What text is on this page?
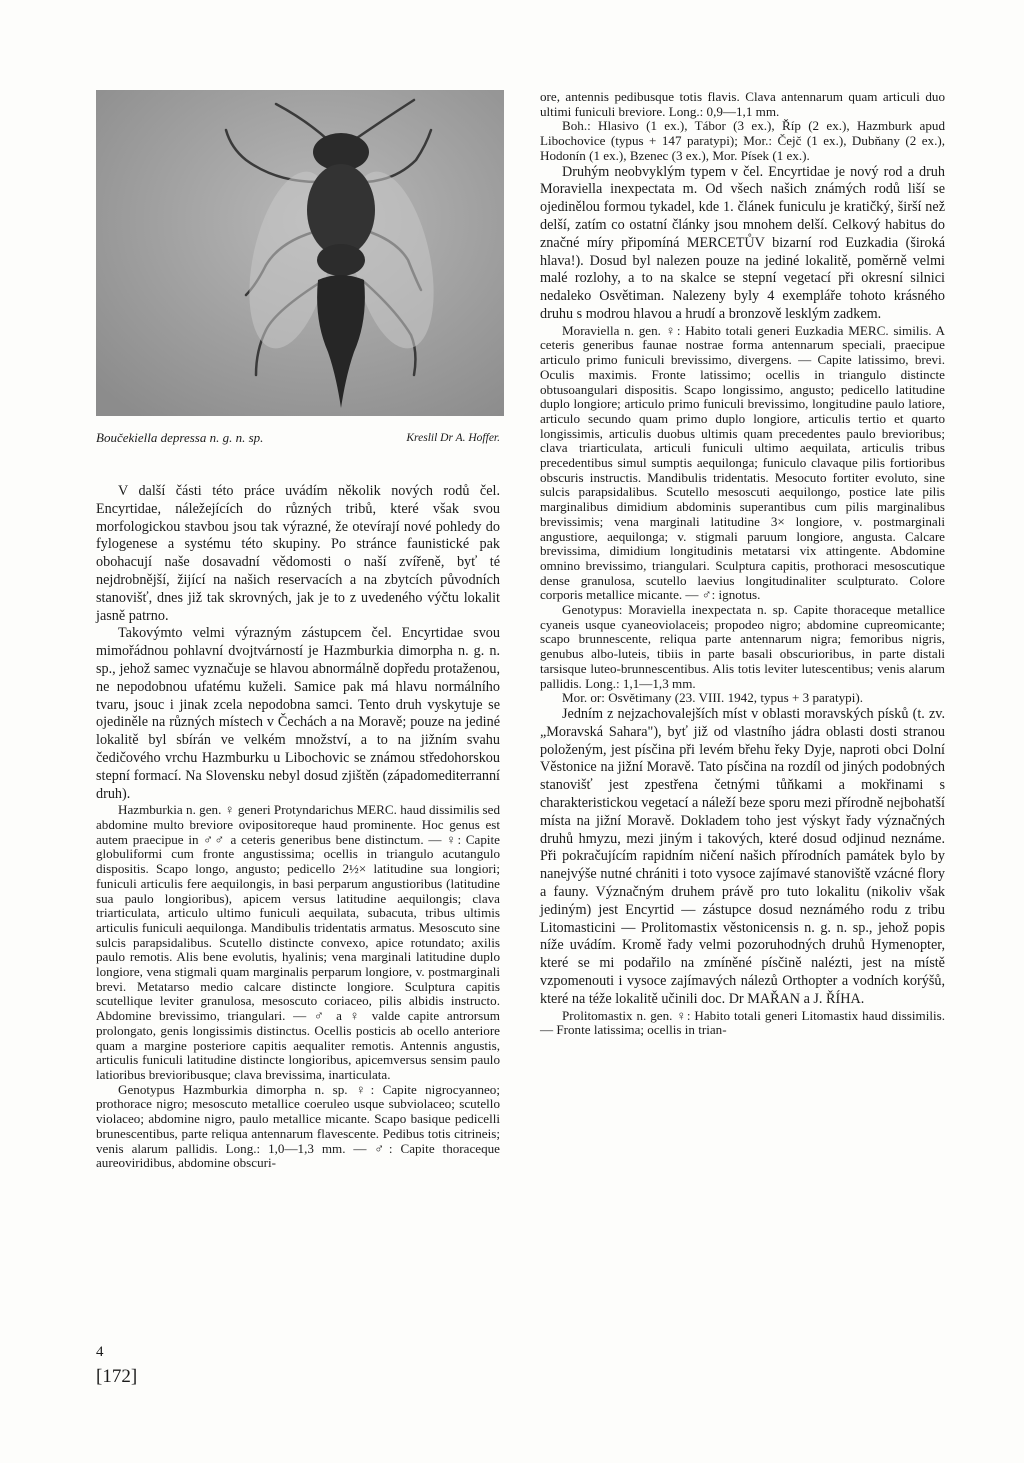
Boučekiella depressa n. g. n. sp.	Kreslil Dr A. Hoffer.

V další části této práce uvádím několik nových rodů čel. Encyrtidae, náležejících do různých tribů, které však svou morfologickou stavbou jsou tak výrazné, že otevírají nové pohledy do fylogenese a systému této skupiny. Po stránce faunistické pak obohacují naše dosavadní vědomosti o naší zvířeně, byť té nejdrobnější, žijící na našich reservacích a na zbytcích původních stanovišť, dnes již tak skrovných, jak je to z uvedeného výčtu lokalit jasně patrno.

Takovýmto velmi výrazným zástupcem čel. Encyrtidae svou mimořádnou pohlavní dvojtvárností je Hazmburkia dimorpha n. g. n. sp., jehož samec vyznačuje se hlavou abnormálně dopředu protaženou, ne nepodobnou ufatému kuželi. Samice pak má hlavu normálního tvaru, jsouc i jinak zcela nepodobna samci. Tento druh vyskytuje se ojediněle na různých místech v Čechách a na Moravě; pouze na jediné lokalitě byl sbírán ve velkém množství, a to na jižním svahu čedičového vrchu Hazmburku u Libochovic se známou středohorskou stepní formací. Na Slovensku nebyl dosud zjištěn (západomediterranní druh).

Hazmburkia n. gen. ♀ generi Protyndarichus MERC. haud dissimilis sed abdomine multo breviore ovipositoreque haud prominente. Hoc genus est autem praecipue in ♂♂ a ceteris generibus bene distinctum. — ♀: Capite globuliformi cum fronte angustissima; ocellis in triangulo acutangulo dispositis. Scapo longo, angusto; pedicello 2½× latitudine sua longiori; funiculi articulis fere aequilongis, in basi perparum angustioribus (latitudine sua paulo longioribus), apicem versus latitudine aequilongis; clava triarticulata, articulo ultimo funiculi aequilata, subacuta, tribus ultimis articulis funiculi aequilonga. Mandibulis tridentatis armatus. Mesoscuto sine sulcis parapsidalibus. Scutello distincte convexo, apice rotundato; axilis paulo remotis. Alis bene evolutis, hyalinis; vena marginali latitudine duplo longiore, vena stigmali quam marginalis perparum longiore, v. postmarginali brevi. Metatarso medio calcare distincte longiore. Sculptura capitis scutellique leviter granulosa, mesoscuto coriaceo, pilis albidis instructo. Abdomine brevissimo, triangulari. — ♂ a ♀ valde capite antrorsum prolongato, genis longissimis distinctus. Ocellis posticis ab ocello anteriore quam a margine posteriore capitis aequaliter remotis. Antennis angustis, articulis funiculi latitudine distincte longioribus, apicemversus sensim paulo latioribus brevioribusque; clava brevissima, inarticulata.

Genotypus Hazmburkia dimorpha n. sp. ♀: Capite nigrocyanneo; prothorace nigro; mesoscuto metallice coeruleo usque subviolaceo; scutello violaceo; abdomine nigro, paulo metallice micante. Scapo basique pedicelli brunescentibus, parte reliqua antennarum flavescente. Pedibus totis citrineis; venis alarum pallidis. Long.: 1,0—1,3 mm. — ♂: Capite thoraceque aureoviridibus, abdomine obscuri-

ore, antennis pedibusque totis flavis. Clava antennarum quam articuli duo ultimi funiculi breviore. Long.: 0,9—1,1 mm.

Boh.: Hlasivo (1 ex.), Tábor (3 ex.), Říp (2 ex.), Hazmburk apud Libochovice (typus + 147 paratypi); Mor.: Čejč (1 ex.), Dubňany (2 ex.), Hodonín (1 ex.), Bzenec (3 ex.), Mor. Písek (1 ex.).

Druhým neobvyklým typem v čel. Encyrtidae je nový rod a druh Moraviella inexpectata m. Od všech našich známých rodů liší se ojedinělou formou tykadel, kde 1. článek funiculu je kratičký, širší než delší, zatím co ostatní články jsou mnohem delší. Celkový habitus do značné míry připomíná MERCETŮV bizarní rod Euzkadia (široká hlava!). Dosud byl nalezen pouze na jediné lokalitě, poměrně velmi malé rozlohy, a to na skalce se stepní vegetací při okresní silnici nedaleko Osvětiman. Nalezeny byly 4 exempláře tohoto krásného druhu s modrou hlavou a hrudí a bronzově lesklým zadkem.

Moraviella n. gen. ♀: Habito totali generi Euzkadia MERC. similis. A ceteris generibus faunae nostrae forma antennarum speciali, praecipue articulo primo funiculi brevissimo, divergens. — Capite latissimo, brevi. Oculis maximis. Fronte latissimo; ocellis in triangulo distincte obtusoangulari dispositis. Scapo longissimo, angusto; pedicello latitudine duplo longiore; articulo primo funiculi brevissimo, longitudine paulo latiore, articulo secundo quam primo duplo longiore, articulis tertio et quarto longissimis, articulis duobus ultimis quam precedentes paulo brevioribus; clava triarticulata, articuli funiculi ultimo aequilata, articulis tribus precedentibus simul sumptis aequilonga; funiculo clavaque pilis fortioribus obscuris instructis. Mandibulis tridentatis. Mesocuto fortiter evoluto, sine sulcis parapsidalibus. Scutello mesoscuti aequilongo, postice late pilis marginalibus dimidium abdominis superantibus cum pilis marginalibus brevissimis; vena marginali latitudine 3× longiore, v. postmarginali angustiore, aequilonga; v. stigmali paruum longiore, angusta. Calcare brevissima, dimidium longitudinis metatarsi vix attingente. Abdomine omnino brevissimo, triangulari. Sculptura capitis, prothoraci mesoscutique dense granulosa, scutello laevius longitudinaliter sculpturato. Colore corporis metallice micante. — ♂: ignotus.

Genotypus: Moraviella inexpectata n. sp. Capite thoraceque metallice cyaneis usque cyaneoviolaceis; propodeo nigro; abdomine cupreomicante; scapo brunnescente, reliqua parte antennarum nigra; femoribus nigris, genubus albo-luteis, tibiis in parte basali obscurioribus, in parte distali tarsisque luteo-brunnescentibus. Alis totis leviter lutescentibus; venis alarum pallidis. Long.: 1,1—1,3 mm.

Mor. or: Osvětimany (23. VIII. 1942, typus + 3 paratypi).

Jedním z nejzachovalejších míst v oblasti moravských písků (t. zv. „Moravská Sahara"), byť již od vlastního jádra oblasti dosti stranou položeným, jest písčina při levém břehu řeky Dyje, naproti obci Dolní Věstonice na jižní Moravě. Tato písčina na rozdíl od jiných podobných stanovišť jest zpestřena četnými tůňkami a mokřinami s charakteristickou vegetací a náleží beze sporu mezi přírodně nejbohatší místa na jižní Moravě. Dokladem toho jest výskyt řady význačných druhů hmyzu, mezi jiným i takových, které dosud odjinud neznáme. Při pokračujícím rapidním ničení našich přírodních památek bylo by nanejvýše nutné chrániti i toto vysoce zajímavé stanoviště vzácné flory a fauny. Význačným druhem právě pro tuto lokalitu (nikoliv však jediným) jest Encyrtid — zástupce dosud neznámého rodu z tribu Litomasticini — Prolitomastix věstonicensis n. g. n. sp., jehož popis níže uvádím. Kromě řady velmi pozoruhodných druhů Hymenopter, které se mi podařilo na zmíněné písčině nalézti, jest na místě vzpomenouti i vysoce zajímavých nálezů Orthopter a vodních korýšů, které na téže lokalitě učinili doc. Dr MAŘAN a J. ŘÍHA.

Prolitomastix n. gen. ♀: Habito totali generi Litomastix haud dissimilis. — Fronte latissima; ocellis in trian-

4
[172]
